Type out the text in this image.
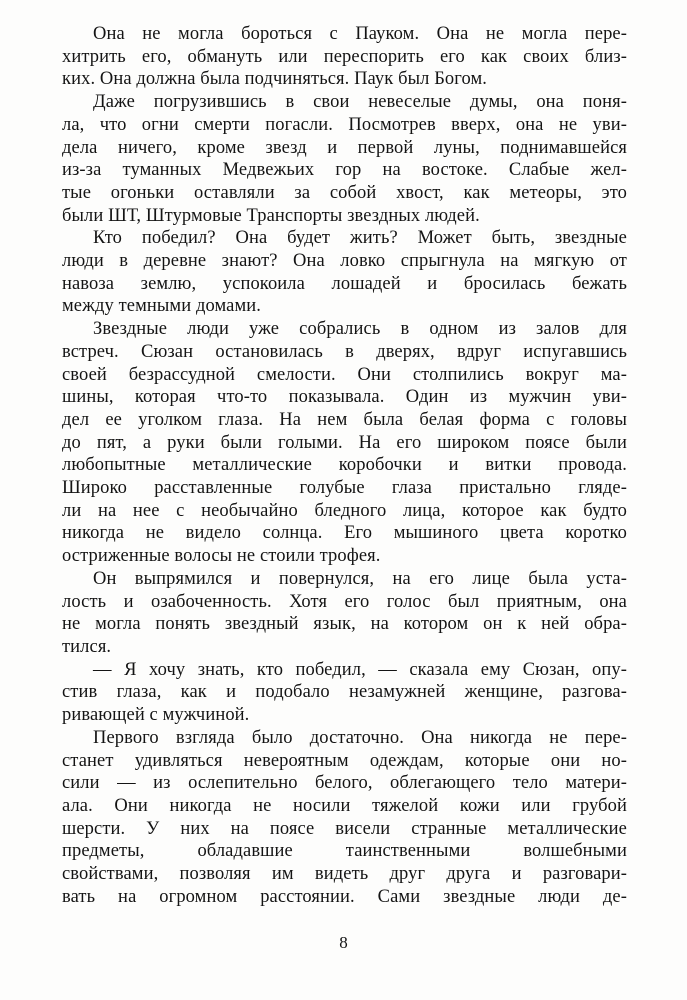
Она не могла бороться с Пауком. Она не могла пере-
хитрить его, обмануть или переспорить его как своих близ-
ких. Она должна была подчиняться. Паук был Богом.
Даже погрузившись в свои невеселые думы, она поня-
ла, что огни смерти погасли. Посмотрев вверх, она не уви-
дела ничего, кроме звезд и первой луны, поднимавшейся
из-за туманных Медвежьих гор на востоке. Слабые жел-
тые огоньки оставляли за собой хвост, как метеоры, это
были ШТ, Штурмовые Транспорты звездных людей.
Кто победил? Она будет жить? Может быть, звездные
люди в деревне знают? Она ловко спрыгнула на мягкую от
навоза землю, успокоила лошадей и бросилась бежать
между темными домами.
Звездные люди уже собрались в одном из залов для
встреч. Сюзан остановилась в дверях, вдруг испугавшись
своей безрассудной смелости. Они столпились вокруг ма-
шины, которая что-то показывала. Один из мужчин уви-
дел ее уголком глаза. На нем была белая форма с головы
до пят, а руки были голыми. На его широком поясе были
любопытные металлические коробочки и витки провода.
Широко расставленные голубые глаза пристально гляде-
ли на нее с необычайно бледного лица, которое как будто
никогда не видело солнца. Его мышиного цвета коротко
остриженные волосы не стоили трофея.
Он выпрямился и повернулся, на его лице была уста-
лость и озабоченность. Хотя его голос был приятным, она
не могла понять звездный язык, на котором он к ней обра-
тился.
— Я хочу знать, кто победил, — сказала ему Сюзан, опу-
стив глаза, как и подобало незамужней женщине, разгова-
ривающей с мужчиной.
Первого взгляда было достаточно. Она никогда не пере-
станет удивляться невероятным одеждам, которые они но-
сили — из ослепительно белого, облегающего тело матери-
ала. Они никогда не носили тяжелой кожи или грубой
шерсти. У них на поясе висели странные металлические
предметы, обладавшие таинственными волшебными
свойствами, позволяя им видеть друг друга и разговари-
вать на огромном расстоянии. Сами звездные люди де-
8
